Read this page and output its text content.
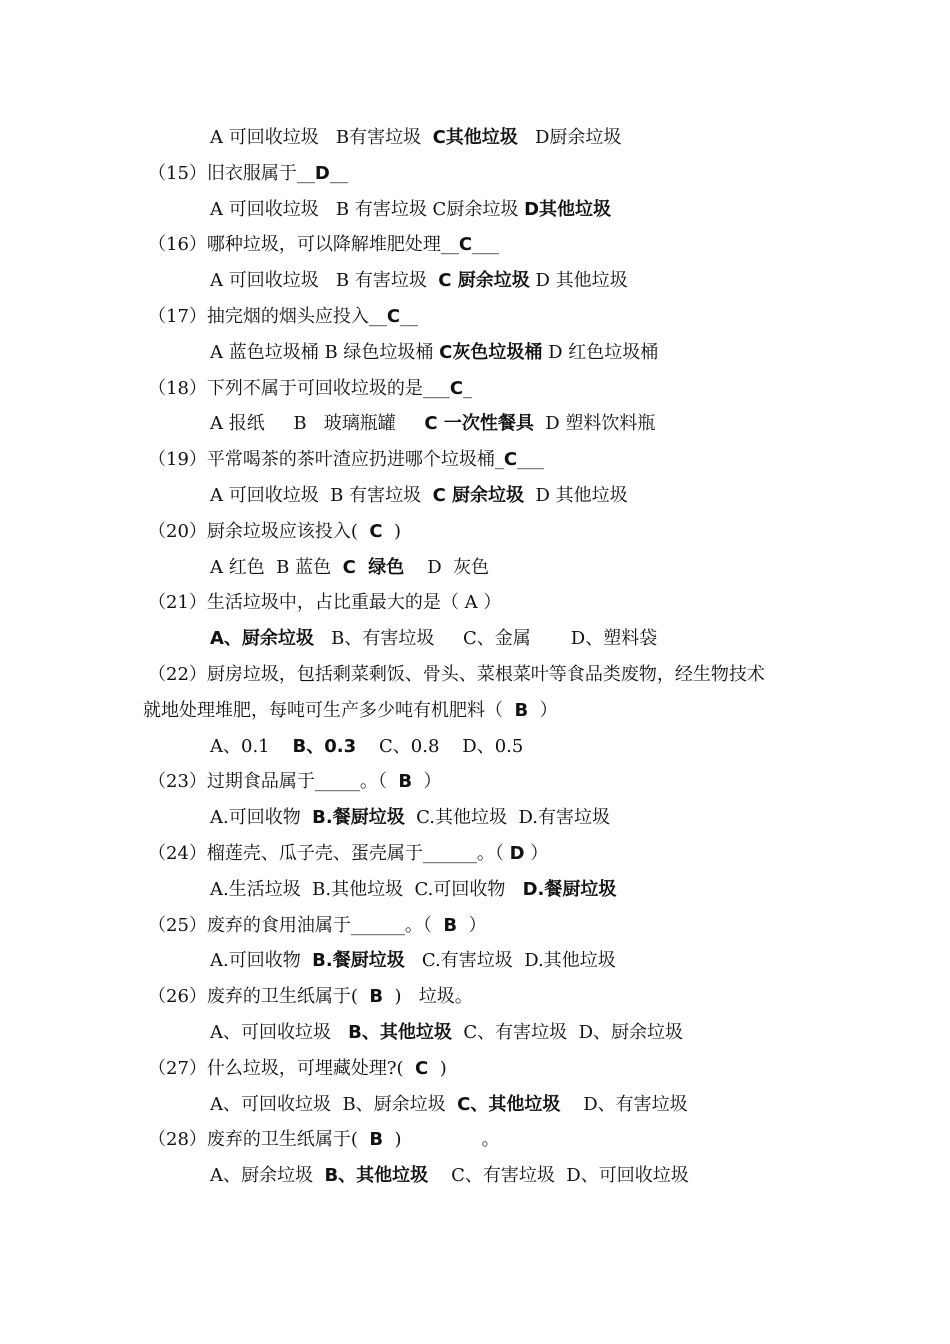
A 可回收垃圾   B有害垃圾  C其他垃圾   D厨余垃圾
（15）旧衣服属于__D__
A 可回收垃圾   B 有害垃圾 C厨余垃圾 D其他垃圾
（16）哪种垃圾，可以降解堆肥处理__C___
A 可回收垃圾   B 有害垃圾  C 厨余垃圾 D 其他垃圾
（17）抽完烟的烟头应投入__C__
A 蓝色垃圾桶 B 绿色垃圾桶 C灰色垃圾桶 D 红色垃圾桶
（18）下列不属于可回收垃圾的是___C_
A 报纸     B   玻璃瓶罐     C 一次性餐具  D 塑料饮料瓶
（19）平常喝茶的茶叶渣应扔进哪个垃圾桶_C___
A 可回收垃圾  B 有害垃圾  C 厨余垃圾  D 其他垃圾
（20）厨余垃圾应该投入(  C  )
A 红色  B 蓝色  C  绿色    D  灰色
（21）生活垃圾中，占比重最大的是（ A ）
A、厨余垃圾   B、有害垃圾     C、金属       D、塑料袋
（22）厨房垃圾，包括剩菜剩饭、骨头、菜根菜叶等食品类废物，经生物技术
就地处理堆肥，每吨可生产多少吨有机肥料（  B  ）
A、0.1    B、0.3    C、0.8    D、0.5
（23）过期食品属于_____。（  B  ）
A.可回收物  B.餐厨垃圾  C.其他垃圾  D.有害垃圾
（24）榴莲壳、瓜子壳、蛋壳属于______。（ D ）
A.生活垃圾  B.其他垃圾  C.可回收物   D.餐厨垃圾
（25）废弃的食用油属于______。（  B  ）
A.可回收物  B.餐厨垃圾   C.有害垃圾  D.其他垃圾
（26）废弃的卫生纸属于(  B  )   垃圾。
A、可回收垃圾   B、其他垃圾  C、有害垃圾  D、厨余垃圾
（27）什么垃圾，可埋藏处理?(  C  )
A、可回收垃圾  B、厨余垃圾  C、其他垃圾    D、有害垃圾
（28）废弃的卫生纸属于(  B  )              。
A、厨余垃圾  B、其他垃圾    C、有害垃圾  D、可回收垃圾
